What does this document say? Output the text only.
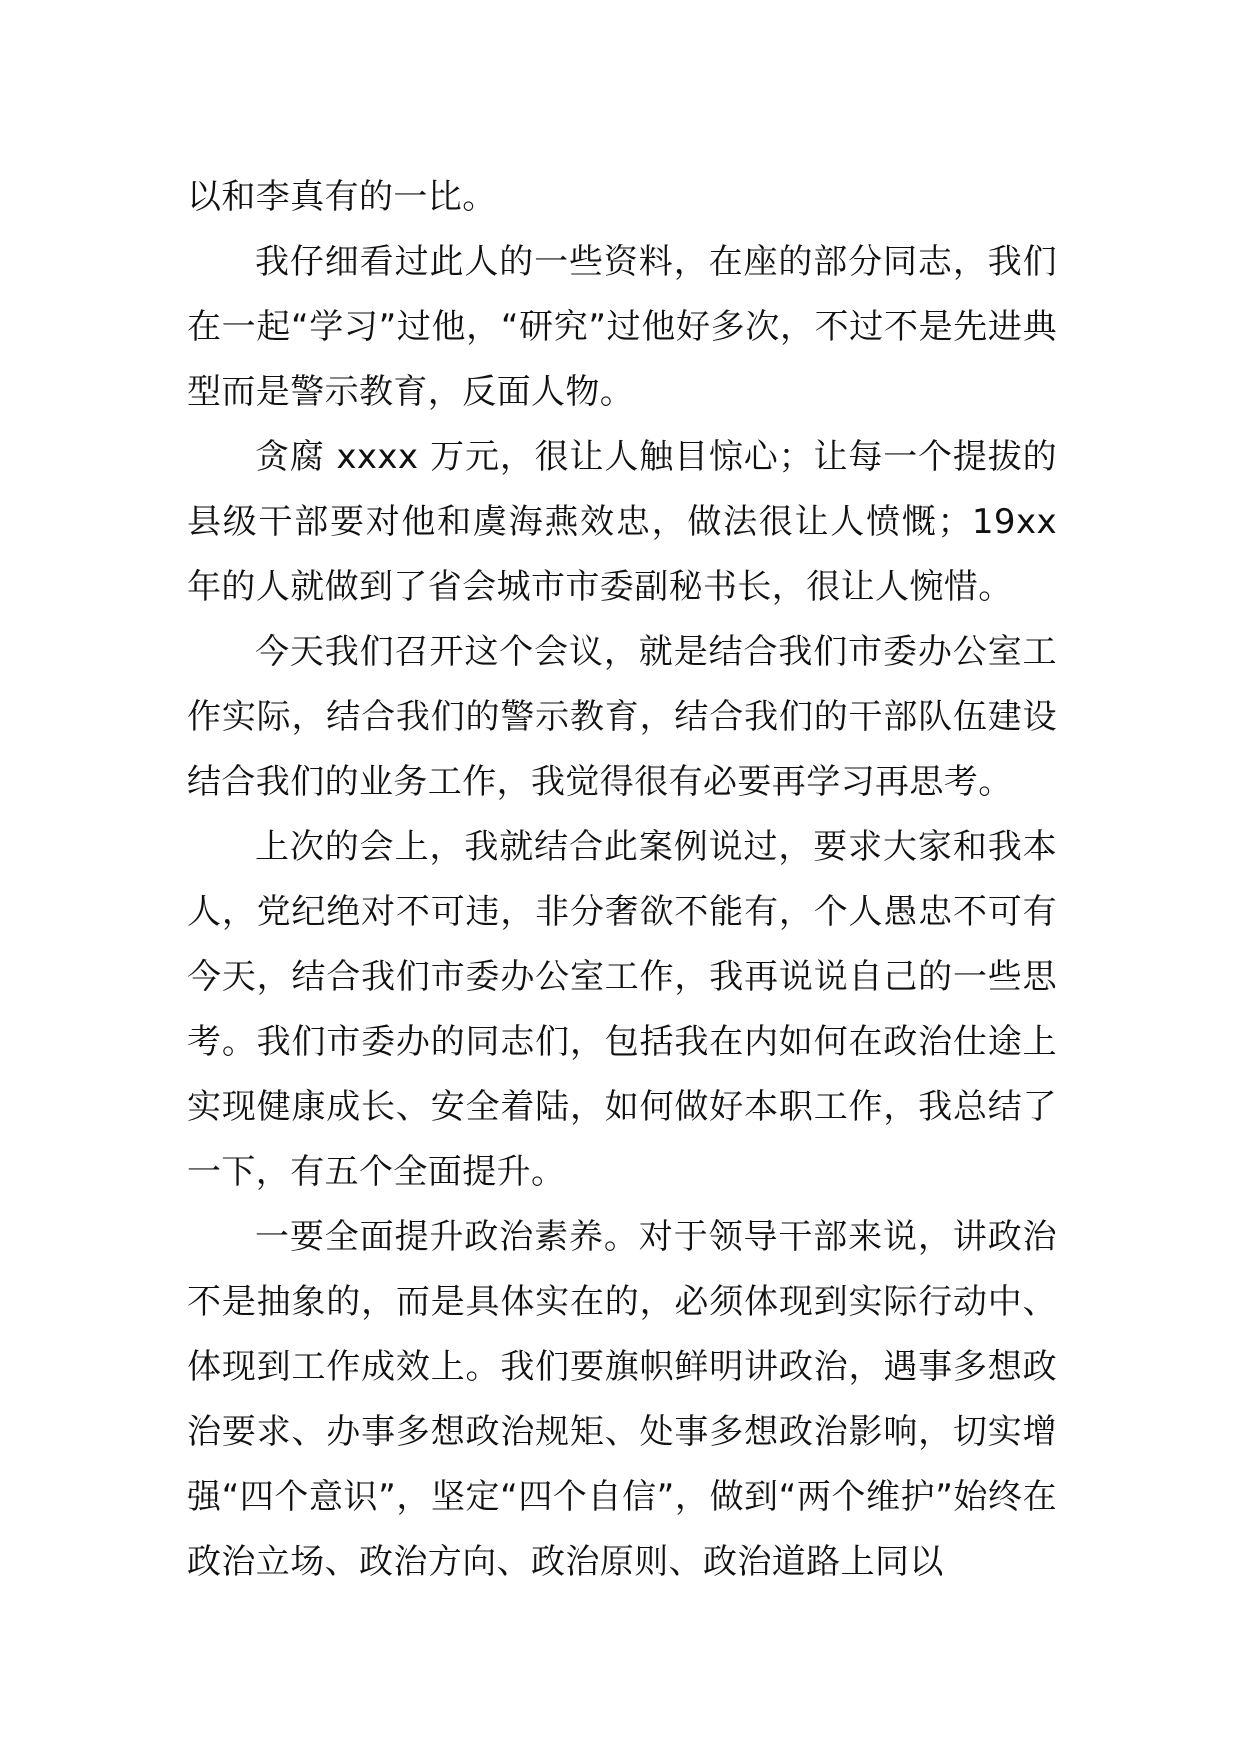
以和李真有的一比。

我仔细看过此人的一些资料，在座的部分同志，我们在一起“学习”过他，“研究”过他好多次，不过不是先进典型而是警示教育，反面人物。

贪腐 xxxx 万元，很让人触目惊心；让每一个提拔的县级干部要对他和虞海燕效忠，做法很让人愤慨；19xx 年的人就做到了省会城市市委副秘书长，很让人惋惜。

今天我们召开这个会议，就是结合我们市委办公室工作实际，结合我们的警示教育，结合我们的干部队伍建设结合我们的业务工作，我觉得很有必要再学习再思考。

上次的会上，我就结合此案例说过，要求大家和我本人，党纪绝对不可违，非分奢欲不能有，个人愚忠不可有今天，结合我们市委办公室工作，我再说说自己的一些思考。我们市委办的同志们，包括我在内如何在政治仕途上实现健康成长、安全着陆，如何做好本职工作，我总结了一下，有五个全面提升。

一要全面提升政治素养。对于领导干部来说，讲政治不是抽象的，而是具体实在的，必须体现到实际行动中、体现到工作成效上。我们要旗帜鲜明讲政治，遇事多想政治要求、办事多想政治规矩、处事多想政治影响，切实增强“四个意识”，坚定“四个自信”，做到“两个维护”始终在政治立场、政治方向、政治原则、政治道路上同以
